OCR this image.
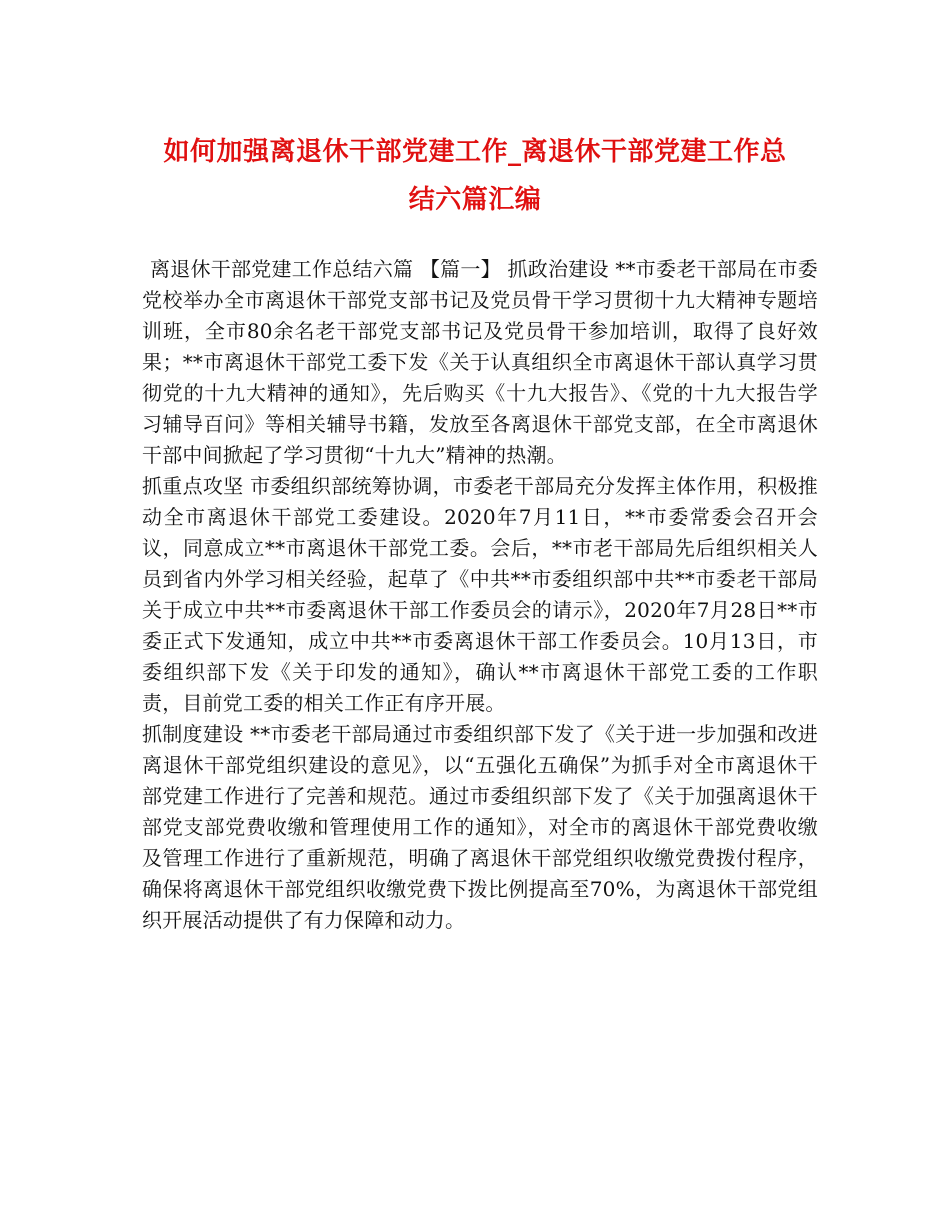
如何加强离退休干部党建工作_离退休干部党建工作总
结六篇汇编

离退休干部党建工作总结六篇 【篇一】 抓政治建设 **市委老干部局在市委党校举办全市离退休干部党支部书记及党员骨干学习贯彻十九大精神专题培训班，全市80余名老干部党支部书记及党员骨干参加培训，取得了良好效果；**市离退休干部党工委下发《关于认真组织全市离退休干部认真学习贯彻党的十九大精神的通知》，先后购买《十九大报告》、《党的十九大报告学习辅导百问》等相关辅导书籍，发放至各离退休干部党支部，在全市离退休干部中间掀起了学习贯彻“十九大”精神的热潮。

抓重点攻坚 市委组织部统筹协调，市委老干部局充分发挥主体作用，积极推动全市离退休干部党工委建设。2020年7月11日，**市委常委会召开会议，同意成立**市离退休干部党工委。会后，**市老干部局先后组织相关人员到省内外学习相关经验，起草了《中共**市委组织部中共**市委老干部局关于成立中共**市委离退休干部工作委员会的请示》，2020年7月28日**市委正式下发通知，成立中共**市委离退休干部工作委员会。10月13日，市委组织部下发《关于印发的通知》，确认**市离退休干部党工委的工作职责，目前党工委的相关工作正有序开展。

抓制度建设 **市委老干部局通过市委组织部下发了《关于进一步加强和改进离退休干部党组织建设的意见》，以“五强化五确保”为抓手对全市离退休干部党建工作进行了完善和规范。通过市委组织部下发了《关于加强离退休干部党支部党费收缴和管理使用工作的通知》，对全市的离退休干部党费收缴及管理工作进行了重新规范，明确了离退休干部党组织收缴党费拨付程序，确保将离退休干部党组织收缴党费下拨比例提高至70%，为离退休干部党组织开展活动提供了有力保障和动力。
